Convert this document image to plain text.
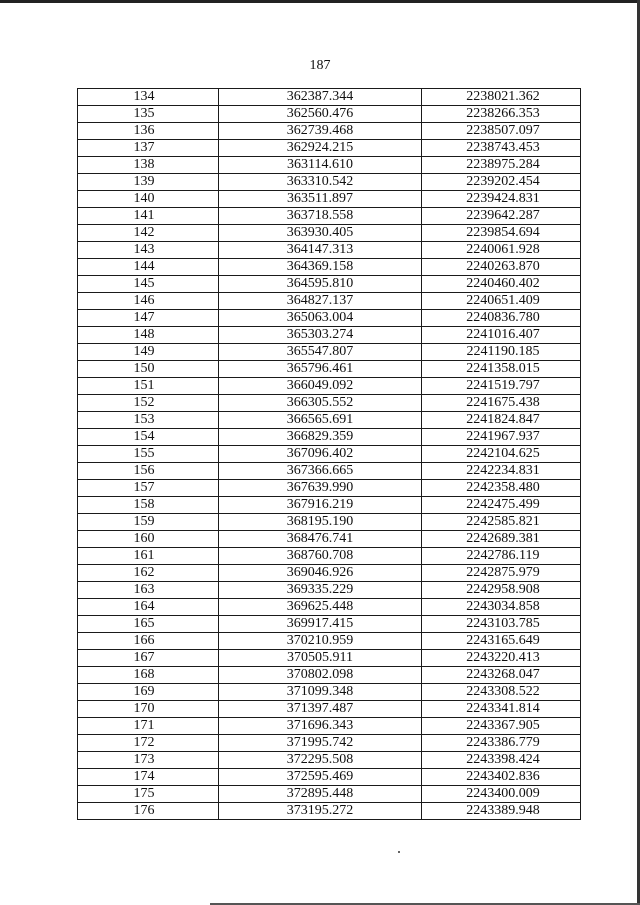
187
134	362387.344	2238021.362
135	362560.476	2238266.353
136	362739.468	2238507.097
137	362924.215	2238743.453
138	363114.610	2238975.284
139	363310.542	2239202.454
140	363511.897	2239424.831
141	363718.558	2239642.287
142	363930.405	2239854.694
143	364147.313	2240061.928
144	364369.158	2240263.870
145	364595.810	2240460.402
146	364827.137	2240651.409
147	365063.004	2240836.780
148	365303.274	2241016.407
149	365547.807	2241190.185
150	365796.461	2241358.015
151	366049.092	2241519.797
152	366305.552	2241675.438
153	366565.691	2241824.847
154	366829.359	2241967.937
155	367096.402	2242104.625
156	367366.665	2242234.831
157	367639.990	2242358.480
158	367916.219	2242475.499
159	368195.190	2242585.821
160	368476.741	2242689.381
161	368760.708	2242786.119
162	369046.926	2242875.979
163	369335.229	2242958.908
164	369625.448	2243034.858
165	369917.415	2243103.785
166	370210.959	2243165.649
167	370505.911	2243220.413
168	370802.098	2243268.047
169	371099.348	2243308.522
170	371397.487	2243341.814
171	371696.343	2243367.905
172	371995.742	2243386.779
173	372295.508	2243398.424
174	372595.469	2243402.836
175	372895.448	2243400.009
176	373195.272	2243389.948
